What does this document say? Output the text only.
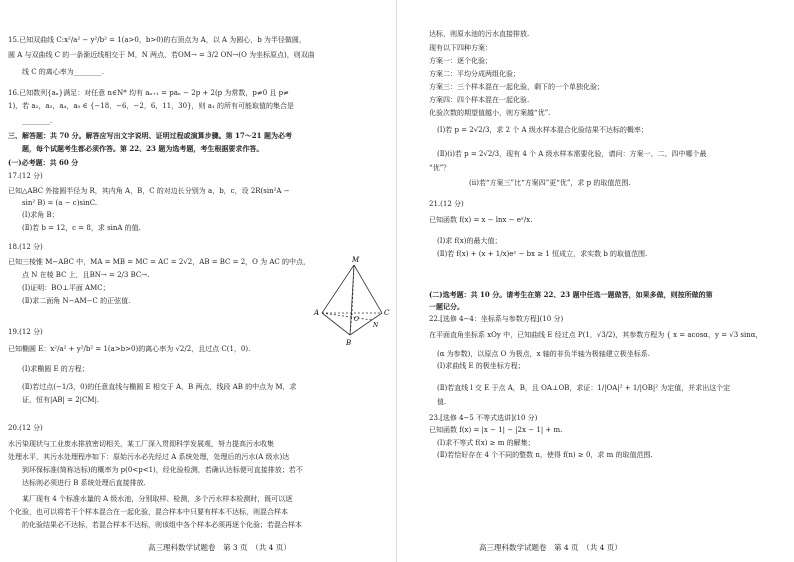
15.已知双曲线 C:x²/a² − y²/b² = 1(a>0，b>0)的右顶点为 A，以 A 为圆心，b 为半径做圆，
圆 A 与双曲线 C 的一条渐近线相交于 M，N 两点，若OM→ = 3/2 ON→(O 为坐标原点)，则双曲
线 C 的离心率为________.
16.已知数列{aₙ}满足：对任意 n∈N* 均有 aₙ₊₁ = paₙ − 2p + 2(p 为常数，p≠0 且 p≠
1)，若 a₂，a₃，a₄，a₅ ∈ {−18，−6，−2，6，11，30}，则 a₁ 的所有可能取值的集合是
________.
三、解答题：共 70 分。解答应写出文字说明、证明过程或演算步骤。第 17～21 题为必考
题，每个试题考生都必须作答。第 22、23 题为选考题，考生根据要求作答。
(一)必考题：共 60 分
17.(12 分)
已知△ABC 外接圆半径为 R，其内角 A，B，C 的对边长分别为 a，b，c，设 2R(sin²A −
sin² B) = (a − c)sinC.
(Ⅰ)求角 B；
(Ⅱ)若 b = 12，c = 8，求 sinA 的值.
18.(12 分)
已知三棱锥 M−ABC 中，MA = MB = MC = AC = 2√2，AB = BC = 2，O 为 AC 的中点，
点 N 在棱 BC 上，且BN→ = 2/3 BC→.
(Ⅰ)证明：BO⊥平面 AMC；
(Ⅱ)求二面角 N−AM−C 的正弦值.
19.(12 分)
已知椭圆 E：x²/a² + y²/b² = 1(a>b>0)的离心率为 √2/2，且过点 C(1，0).
(Ⅰ)求椭圆 E 的方程；
(Ⅱ)若过点(−1/3，0)的任意直线与椭圆 E 相交于 A，B 两点，线段 AB 的中点为 M，求
证，恒有|AB| = 2|CM|.
20.(12 分)
水污染现状与工业废水排放密切相关，某工厂深入贯彻科学发展观，努力提高污水收集
处理水平，其污水处理程序如下：原始污水必先经过 A 系统处理，处理后的污水(A 级水)达
到环保标准(简称达标)的概率为 p(0<p<1)，经化验检测，若确认达标便可直接排放；若不
达标则必须进行 B 系统处理后直接排放.
某厂现有 4 个标准水量的 A 级水池，分别取样、检测，多个污水样本检测时，既可以逐
个化验，也可以将若干个样本混合在一起化验，混合样本中只要有样本不达标，则混合样本
的化验结果必不达标，若混合样本不达标，则该组中各个样本必须再逐个化验；若混合样本
M
A
B
C
O
N
高三理科数学试题卷　第 3 页　（共 4 页）
达标，则原水池的污水直接排放.
现有以下四种方案：
方案一：逐个化验；
方案二：平均分成两组化验；
方案三：三个样本混在一起化验，剩下的一个单独化验；
方案四：四个样本混在一起化验.
化验次数的期望值越小，则方案越“优”.
(Ⅰ)若 p = 2√2/3，求 2 个 A 级水样本混合化验结果不达标的概率；
(Ⅱ)(ⅰ)若 p = 2√2/3，现有 4 个 A 级水样本需要化验，请问：方案一、二、四中哪个最
“优”？
(ⅱ)若“方案三”比“方案四”更“优”，求 p 的取值范围.
21.(12 分)
已知函数 f(x) = x − lnx − eˣ/x.
(Ⅰ)求 f(x)的最大值；
(Ⅱ)若 f(x) + (x + 1/x)eˣ − bx ≥ 1 恒成立，求实数 b 的取值范围.
(二)选考题：共 10 分。请考生在第 22、23 题中任选一题做答，如果多做，则按所做的第
一题记分。
22.[选修 4−4：坐标系与参数方程](10 分)
在平面直角坐标系 xOy 中，已知曲线 E 经过点 P(1，√3/2)，其参数方程为 { x = acosα，y = √3 sinα，
(α 为参数)，以原点 O 为极点，x 轴的非负半轴为极轴建立极坐标系.
(Ⅰ)求曲线 E 的极坐标方程；
(Ⅱ)若直线 l 交 E 于点 A，B，且 OA⊥OB，求证：1/|OA|² + 1/|OB|² 为定值，并求出这个定
值.
23.[选修 4−5 不等式选讲](10 分)
已知函数 f(x) = |x − 1| − |2x − 1| + m.
(Ⅰ)求不等式 f(x) ≥ m 的解集；
(Ⅱ)若恰好存在 4 个不同的整数 n，使得 f(n) ≥ 0，求 m 的取值范围.
高三理科数学试题卷　第 4 页　（共 4 页）
